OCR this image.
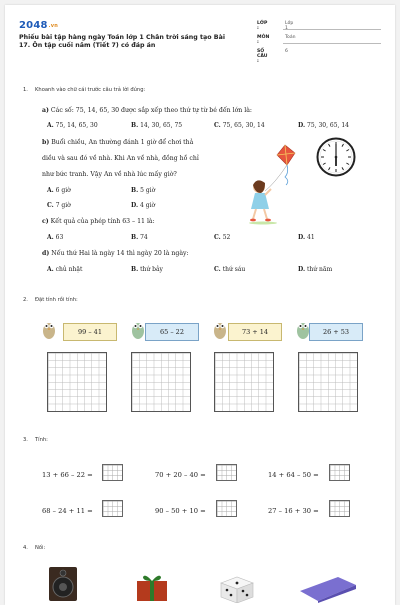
2048.vn
Phiếu bài tập hàng ngày Toán lớp 1 Chân trời sáng tạo Bài 17. Ôn tập cuối năm (Tiết 7) có đáp án
LỚP :
Lớp 1
MÔN :
Toán
SỐ CÂU :
6
1. Khoanh vào chữ cái trước câu trả lời đúng:
a) Các số: 75, 14, 65, 30 được sắp xếp theo thứ tự từ bé đến lớn là:
A. 75, 14, 65, 30	B. 14, 30, 65, 75	C. 75, 65, 30, 14	D. 75, 30, 65, 14
b) Buổi chiều, An thường đánh 1 giờ để chơi thả
diều và sau đó về nhà. Khi An về nhà, đồng hồ chỉ
như bức tranh. Vậy An về nhà lúc mấy giờ?
A. 6 giờ	B. 5 giờ
C. 7 giờ	D. 4 giờ
c) Kết quả của phép tính 63 – 11 là:
A. 63	B. 74	C. 52	D. 41
d) Nếu thứ Hai là ngày 14 thì ngày 20 là ngày:
A. chủ nhật	B. thứ bảy	C. thứ sáu	D. thứ năm
2. Đặt tính rồi tính:
99 – 41	65 – 22	73 + 14	26 + 53
3. Tính:
13 + 66 – 22 =	70 + 20 – 40 =	14 + 64 – 50 =
68 – 24 + 11 =	90 – 50 + 10 =	27 – 16 + 30 =
4. Nối:
